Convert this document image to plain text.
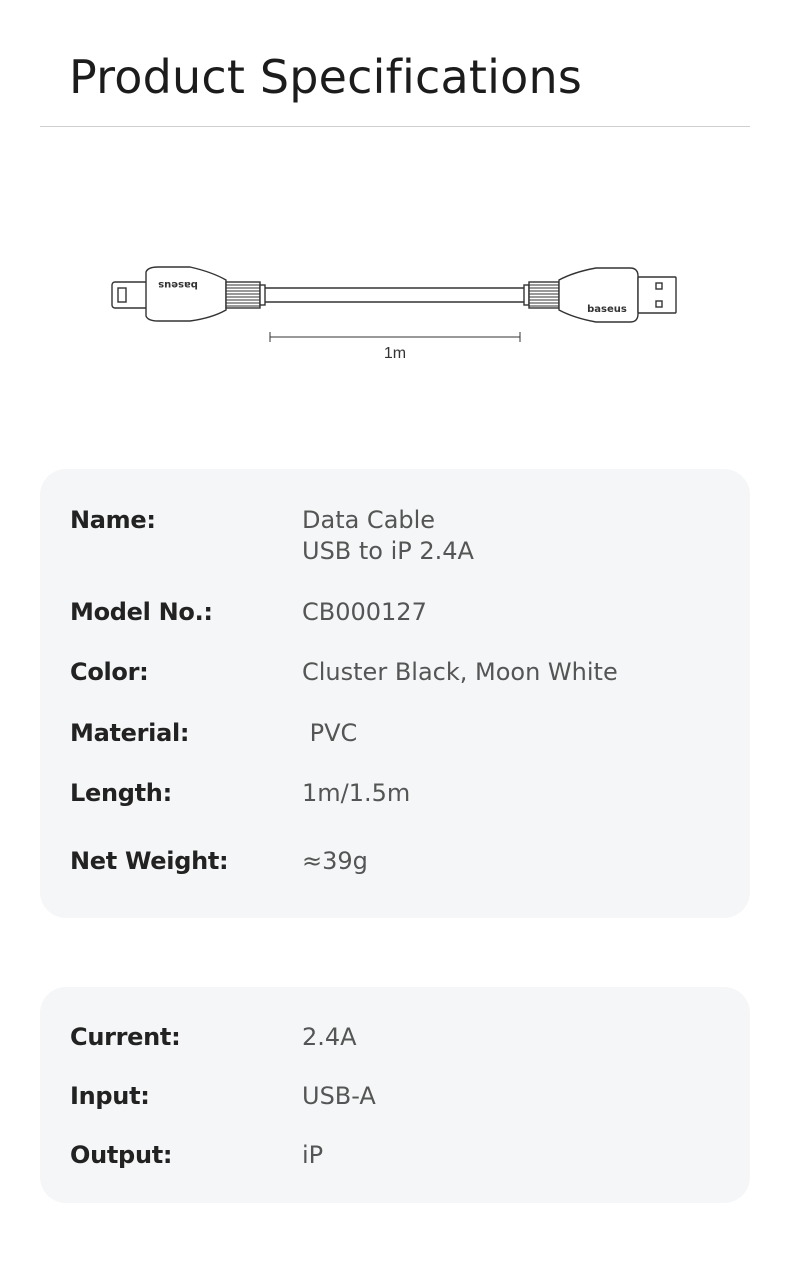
Product Specifications
baseus
baseus
1m
Name:	Data Cable
USB to iP 2.4A
Model No.:	CB000127
Color:	Cluster Black, Moon White
Material:	PVC
Length:	1m/1.5m
Net Weight:	≈39g
Current:	2.4A
Input:	USB-A
Output:	iP
